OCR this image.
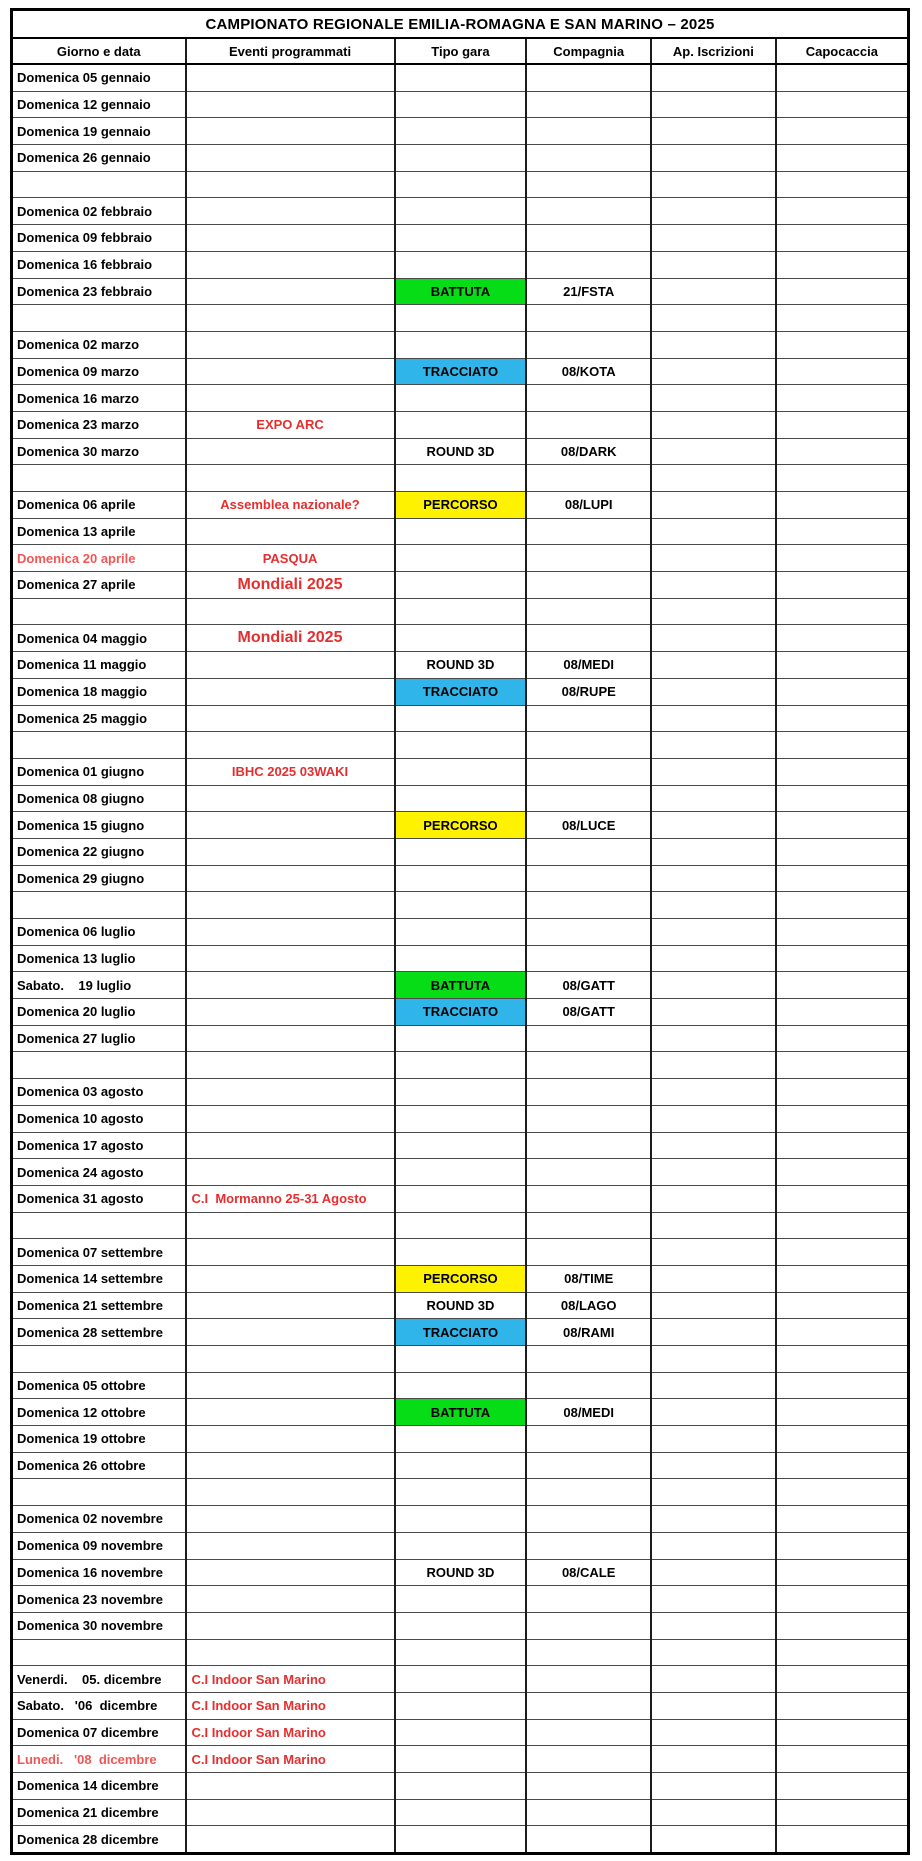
CAMPIONATO REGIONALE EMILIA-ROMAGNA E SAN MARINO – 2025					
Giorno e data	Eventi programmati	Tipo gara	Compagnia	Ap. Iscrizioni	Capocaccia
Domenica 05 gennaio					
Domenica 12 gennaio					
Domenica 19 gennaio					
Domenica 26 gennaio					

Domenica 02 febbraio					
Domenica 09 febbraio					
Domenica 16 febbraio					
Domenica 23 febbraio		BATTUTA	21/FSTA		

Domenica 02 marzo					
Domenica 09 marzo		TRACCIATO	08/KOTA		
Domenica 16 marzo					
Domenica 23 marzo	EXPO ARC				
Domenica 30 marzo		ROUND 3D	08/DARK		

Domenica 06 aprile	Assemblea nazionale?	PERCORSO	08/LUPI		
Domenica 13 aprile					
Domenica 20 aprile	PASQUA				
Domenica 27 aprile	Mondiali 2025				

Domenica 04 maggio	Mondiali 2025				
Domenica 11 maggio		ROUND 3D	08/MEDI		
Domenica 18 maggio		TRACCIATO	08/RUPE		
Domenica 25 maggio					

Domenica 01 giugno	IBHC 2025 03WAKI				
Domenica 08 giugno					
Domenica 15 giugno		PERCORSO	08/LUCE		
Domenica 22 giugno					
Domenica 29 giugno					

Domenica 06 luglio					
Domenica 13 luglio					
Sabato.    19 luglio		BATTUTA	08/GATT		
Domenica 20 luglio		TRACCIATO	08/GATT		
Domenica 27 luglio					

Domenica 03 agosto					
Domenica 10 agosto					
Domenica 17 agosto					
Domenica 24 agosto					
Domenica 31 agosto	C.I  Mormanno 25-31 Agosto				

Domenica 07 settembre					
Domenica 14 settembre		PERCORSO	08/TIME		
Domenica 21 settembre		ROUND 3D	08/LAGO		
Domenica 28 settembre		TRACCIATO	08/RAMI		

Domenica 05 ottobre					
Domenica 12 ottobre		BATTUTA	08/MEDI		
Domenica 19 ottobre					
Domenica 26 ottobre					

Domenica 02 novembre					
Domenica 09 novembre					
Domenica 16 novembre		ROUND 3D	08/CALE		
Domenica 23 novembre					
Domenica 30 novembre					

Venerdi.    05. dicembre	C.I Indoor San Marino				
Sabato.   '06  dicembre	C.I Indoor San Marino				
Domenica 07 dicembre	C.I Indoor San Marino				
Lunedi.   '08  dicembre	C.I Indoor San Marino				
Domenica 14 dicembre					
Domenica 21 dicembre					
Domenica 28 dicembre					
